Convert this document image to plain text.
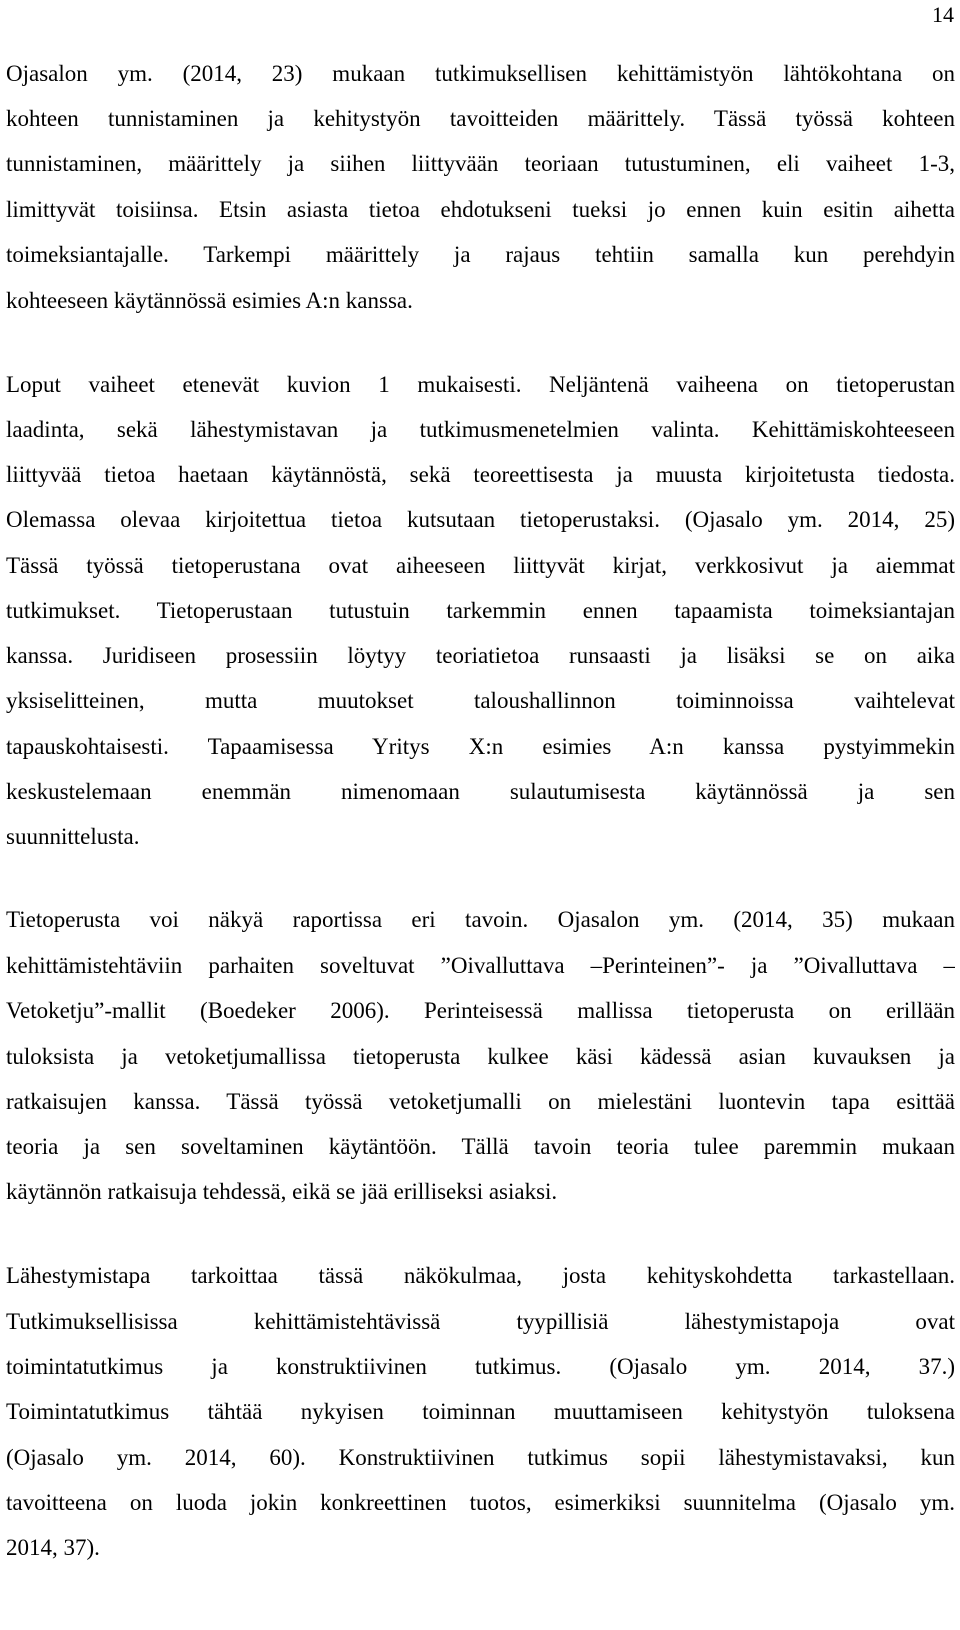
14
Ojasalon ym. (2014, 23) mukaan tutkimuksellisen kehittämistyön lähtökohtana on
kohteen tunnistaminen ja kehitystyön tavoitteiden määrittely. Tässä työssä kohteen
tunnistaminen, määrittely ja siihen liittyvään teoriaan tutustuminen, eli vaiheet 1-3,
limittyvät toisiinsa. Etsin asiasta tietoa ehdotukseni tueksi jo ennen kuin esitin aihetta
toimeksiantajalle. Tarkempi määrittely ja rajaus tehtiin samalla kun perehdyin
kohteeseen käytännössä esimies A:n kanssa.
Loput vaiheet etenevät kuvion 1 mukaisesti. Neljäntenä vaiheena on tietoperustan
laadinta, sekä lähestymistavan ja tutkimusmenetelmien valinta. Kehittämiskohteeseen
liittyvää tietoa haetaan käytännöstä, sekä teoreettisesta ja muusta kirjoitetusta tiedosta.
Olemassa olevaa kirjoitettua tietoa kutsutaan tietoperustaksi. (Ojasalo ym. 2014, 25)
Tässä työssä tietoperustana ovat aiheeseen liittyvät kirjat, verkkosivut ja aiemmat
tutkimukset. Tietoperustaan tutustuin tarkemmin ennen tapaamista toimeksiantajan
kanssa. Juridiseen prosessiin löytyy teoriatietoa runsaasti ja lisäksi se on aika
yksiselitteinen, mutta muutokset taloushallinnon toiminnoissa vaihtelevat
tapauskohtaisesti. Tapaamisessa Yritys X:n esimies A:n kanssa pystyimmekin
keskustelemaan enemmän nimenomaan sulautumisesta käytännössä ja sen
suunnittelusta.
Tietoperusta voi näkyä raportissa eri tavoin. Ojasalon ym. (2014, 35) mukaan
kehittämistehtäviin parhaiten soveltuvat ”Oivalluttava –Perinteinen”- ja ”Oivalluttava –
Vetoketju”-mallit (Boedeker 2006). Perinteisessä mallissa tietoperusta on erillään
tuloksista ja vetoketjumallissa tietoperusta kulkee käsi kädessä asian kuvauksen ja
ratkaisujen kanssa. Tässä työssä vetoketjumalli on mielestäni luontevin tapa esittää
teoria ja sen soveltaminen käytäntöön. Tällä tavoin teoria tulee paremmin mukaan
käytännön ratkaisuja tehdessä, eikä se jää erilliseksi asiaksi.
Lähestymistapa tarkoittaa tässä näkökulmaa, josta kehityskohdetta tarkastellaan.
Tutkimuksellisissa kehittämistehtävissä tyypillisiä lähestymistapoja ovat
toimintatutkimus ja konstruktiivinen tutkimus. (Ojasalo ym. 2014, 37.)
Toimintatutkimus tähtää nykyisen toiminnan muuttamiseen kehitystyön tuloksena
(Ojasalo ym. 2014, 60). Konstruktiivinen tutkimus sopii lähestymistavaksi, kun
tavoitteena on luoda jokin konkreettinen tuotos, esimerkiksi suunnitelma (Ojasalo ym.
2014, 37).
